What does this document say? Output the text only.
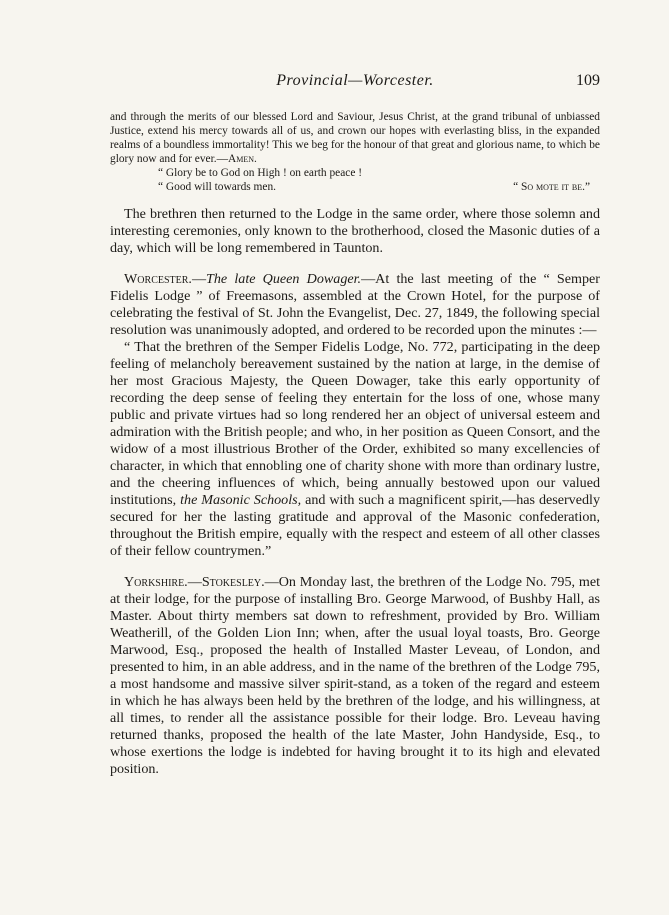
Provincial—Worcester.	109

and through the merits of our blessed Lord and Saviour, Jesus Christ, at the grand tribunal of unbiassed Justice, extend his mercy towards all of us, and crown our hopes with everlasting bliss, in the expanded realms of a boundless immortality! This we beg for the honour of that great and glorious name, to which be glory now and for ever.—Amen.

“ Glory be to God on High ! on earth peace !
“ Good will towards men.	“ So mote it be.”

The brethren then returned to the Lodge in the same order, where those solemn and interesting ceremonies, only known to the brotherhood, closed the Masonic duties of a day, which will be long remembered in Taunton.

Worcester.—The late Queen Dowager.—At the last meeting of the “ Semper Fidelis Lodge ” of Freemasons, assembled at the Crown Hotel, for the purpose of celebrating the festival of St. John the Evangelist, Dec. 27, 1849, the following special resolution was unanimously adopted, and ordered to be recorded upon the minutes :—

“ That the brethren of the Semper Fidelis Lodge, No. 772, participating in the deep feeling of melancholy bereavement sustained by the nation at large, in the demise of her most Gracious Majesty, the Queen Dowager, take this early opportunity of recording the deep sense of feeling they entertain for the loss of one, whose many public and private virtues had so long rendered her an object of universal esteem and admiration with the British people; and who, in her position as Queen Consort, and the widow of a most illustrious Brother of the Order, exhibited so many excellencies of character, in which that ennobling one of charity shone with more than ordinary lustre, and the cheering influences of which, being annually bestowed upon our valued institutions, the Masonic Schools, and with such a magnificent spirit,—has deservedly secured for her the lasting gratitude and approval of the Masonic confederation, throughout the British empire, equally with the respect and esteem of all other classes of their fellow countrymen.”

Yorkshire.—Stokesley.—On Monday last, the brethren of the Lodge No. 795, met at their lodge, for the purpose of installing Bro. George Marwood, of Bushby Hall, as Master. About thirty members sat down to refreshment, provided by Bro. William Weatherill, of the Golden Lion Inn; when, after the usual loyal toasts, Bro. George Marwood, Esq., proposed the health of Installed Master Leveau, of London, and presented to him, in an able address, and in the name of the brethren of the Lodge 795, a most handsome and massive silver spirit-stand, as a token of the regard and esteem in which he has always been held by the brethren of the lodge, and his willingness, at all times, to render all the assistance possible for their lodge. Bro. Leveau having returned thanks, proposed the health of the late Master, John Handyside, Esq., to whose exertions the lodge is indebted for having brought it to its high and elevated position.
